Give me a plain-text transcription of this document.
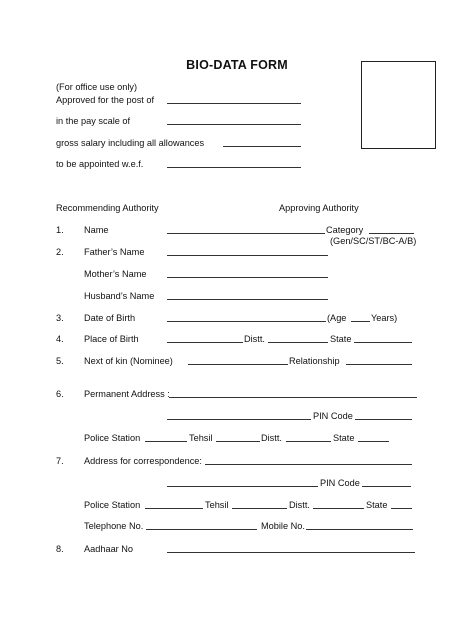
BIO-DATA FORM
(For office use only)
Approved for the post of
in the pay scale of
gross salary including all allowances
to be appointed w.e.f.
Recommending Authority	Approving Authority
1. Name	Category
(Gen/SC/ST/BC-A/B)
2. Father’s Name
Mother’s Name
Husband’s Name
3. Date of Birth	(Age	Years)
4. Place of Birth	Distt.	State
5. Next of kin (Nominee)	Relationship
6. Permanent Address :
PIN Code
Police Station	Tehsil	Distt.	State
7. Address for correspondence:
PIN Code
Police Station	Tehsil	Distt.	State
Telephone No.	Mobile No.
8. Aadhaar No
